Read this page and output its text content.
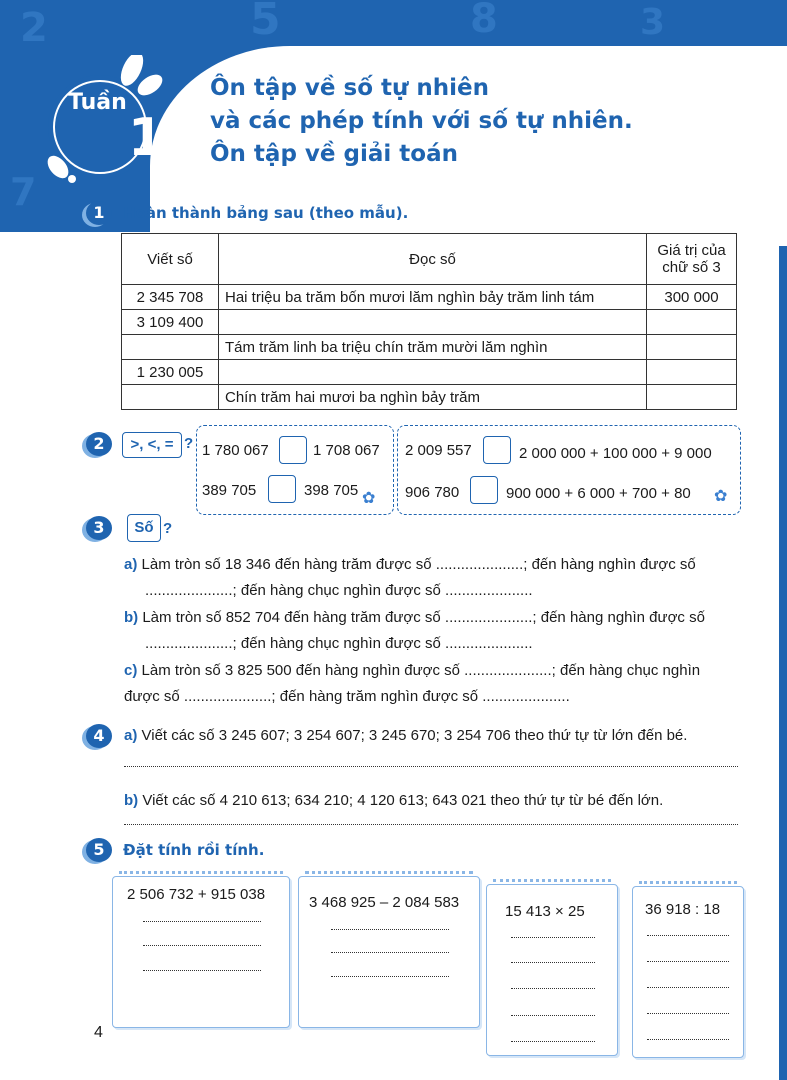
2	5	8	3
7
Tuần
1
Ôn tập về số tự nhiên
và các phép tính với số tự nhiên.
Ôn tập về giải toán
1	Hoàn thành bảng sau (theo mẫu).
Viết số	Đọc số	Giá trị của chữ số 3
2 345 708	Hai triệu ba trăm bốn mươi lăm nghìn bảy trăm linh tám	300 000
3 109 400		
	Tám trăm linh ba triệu chín trăm mười lăm nghìn	
1 230 005		
	Chín trăm hai mươi ba nghìn bảy trăm	
2	>, <, = ? 1 780 067	1 708 067
389 705	398 705 ✿
2 009 557	2 000 000 + 100 000 + 9 000
906 780	900 000 + 6 000 + 700 + 80 ✿
3	Số ?
a) Làm tròn số 18 346 đến hàng trăm được số .....................; đến hàng nghìn được số
.....................; đến hàng chục nghìn được số .....................
b) Làm tròn số 852 704 đến hàng trăm được số .....................; đến hàng nghìn được số
.....................; đến hàng chục nghìn được số .....................
c) Làm tròn số 3 825 500 đến hàng nghìn được số .....................; đến hàng chục nghìn
được số .....................; đến hàng trăm nghìn được số .....................
4	a) Viết các số 3 245 607; 3 254 607; 3 245 670; 3 254 706 theo thứ tự từ lớn đến bé.
b) Viết các số 4 210 613; 634 210; 4 120 613; 643 021 theo thứ tự từ bé đến lớn.
5	Đặt tính rồi tính.
2 506 732 + 915 038	3 468 925 – 2 084 583
15 413 × 25	36 918 : 18
4
